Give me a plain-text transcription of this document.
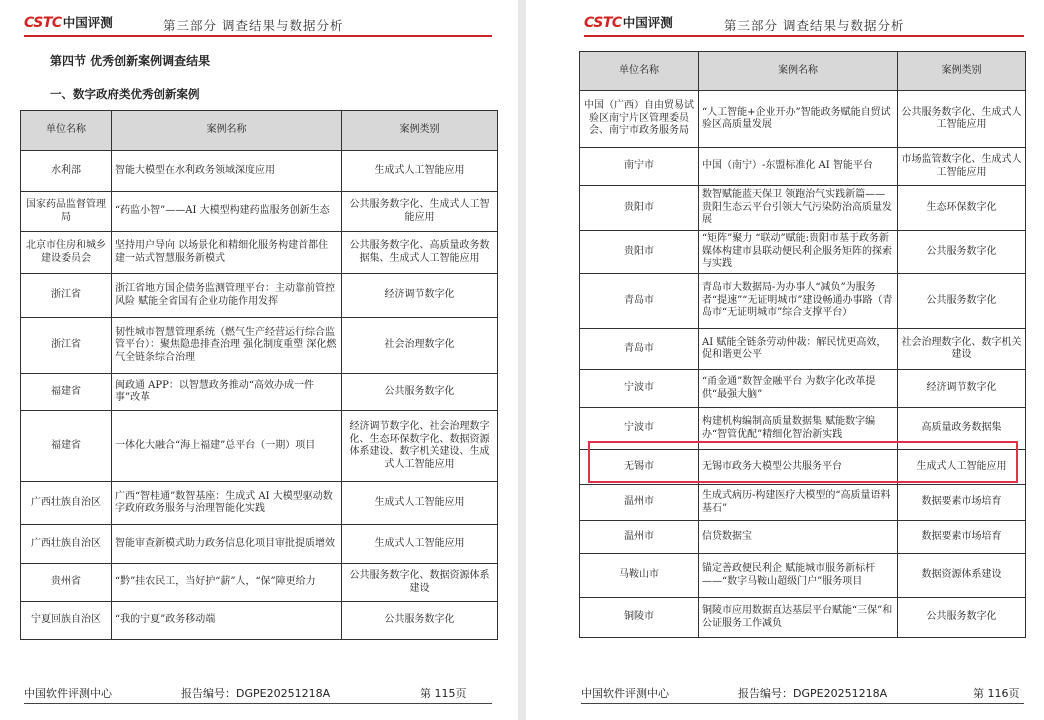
CSTC中国评测	第三部分 调查结果与数据分析
第四节 优秀创新案例调查结果
一、数字政府类优秀创新案例
单位名称	案例名称	案例类别
水利部	智能大模型在水利政务领域深度应用	生成式人工智能应用
国家药品监督管理局	“药监小智”——AI 大模型构建药监服务创新生态	公共服务数字化、生成式人工智能应用
北京市住房和城乡建设委员会	坚持用户导向 以场景化和精细化服务构建首都住建一站式智慧服务新模式	公共服务数字化、高质量政务数据集、生成式人工智能应用
浙江省	浙江省地方国企债务监测管理平台：主动靠前管控风险 赋能全省国有企业功能作用发挥	经济调节数字化
浙江省	韧性城市智慧管理系统（燃气生产经营运行综合监管平台）：聚焦隐患排查治理 强化制度重塑 深化燃气全链条综合治理	社会治理数字化
福建省	闽政通 APP：以智慧政务推动“高效办成一件事”改革	公共服务数字化
福建省	一体化大融合“海上福建”总平台（一期）项目	经济调节数字化、社会治理数字化、生态环保数字化、数据资源体系建设、数字机关建设、生成式人工智能应用
广西壮族自治区	广西“智桂通”数智基座：生成式 AI 大模型驱动数字政府政务服务与治理智能化实践	生成式人工智能应用
广西壮族自治区	智能审查新模式助力政务信息化项目审批提质增效	生成式人工智能应用
贵州省	“黔”挂农民工，当好护“薪”人，“保”障更给力	公共服务数字化、数据资源体系建设
宁夏回族自治区	“我的宁夏”政务移动端	公共服务数字化
中国软件评测中心	报告编号：DGPE20251218A	第 115页
CSTC中国评测	第三部分 调查结果与数据分析
中国软件评测中心	报告编号：DGPE20251218A	第 116页
单位名称	案例名称	案例类别
中国（广西）自由贸易试验区南宁片区管理委员会、南宁市政务服务局	“人工智能+企业开办”智能政务赋能自贸试验区高质量发展	公共服务数字化、生成式人工智能应用
南宁市	中国（南宁）-东盟标准化 AI 智能平台	市场监管数字化、生成式人工智能应用
贵阳市	数智赋能蓝天保卫 领跑治气实践新篇——贵阳生态云平台引领大气污染防治高质量发展	生态环保数字化
贵阳市	“矩阵”聚力 “联动”赋能:贵阳市基于政务新媒体构建市县联动便民利企服务矩阵的探索与实践	公共服务数字化
青岛市	青岛市大数据局-为办事人“减负”为服务者“提速”“无证明城市”建设畅通办事路（青岛市“无证明城市”综合支撑平台）	公共服务数字化
青岛市	AI 赋能全链条劳动仲裁：解民忧更高效，促和谐更公平	社会治理数字化、数字机关建设
宁波市	“甬金通”数智金融平台 为数字化改革提供“最强大脑”	经济调节数字化
宁波市	构建机构编制高质量数据集 赋能数字编办“智管优配”精细化智治新实践	高质量政务数据集
无锡市	无锡市政务大模型公共服务平台	生成式人工智能应用
温州市	生成式病历-构建医疗大模型的“高质量语料基石”	数据要素市场培育
温州市	信贷数据宝	数据要素市场培育
马鞍山市	锚定善政便民利企 赋能城市服务新标杆——“数字马鞍山超级门户”服务项目	数据资源体系建设
铜陵市	铜陵市应用数据直达基层平台赋能“三保”和公证服务工作减负	公共服务数字化
